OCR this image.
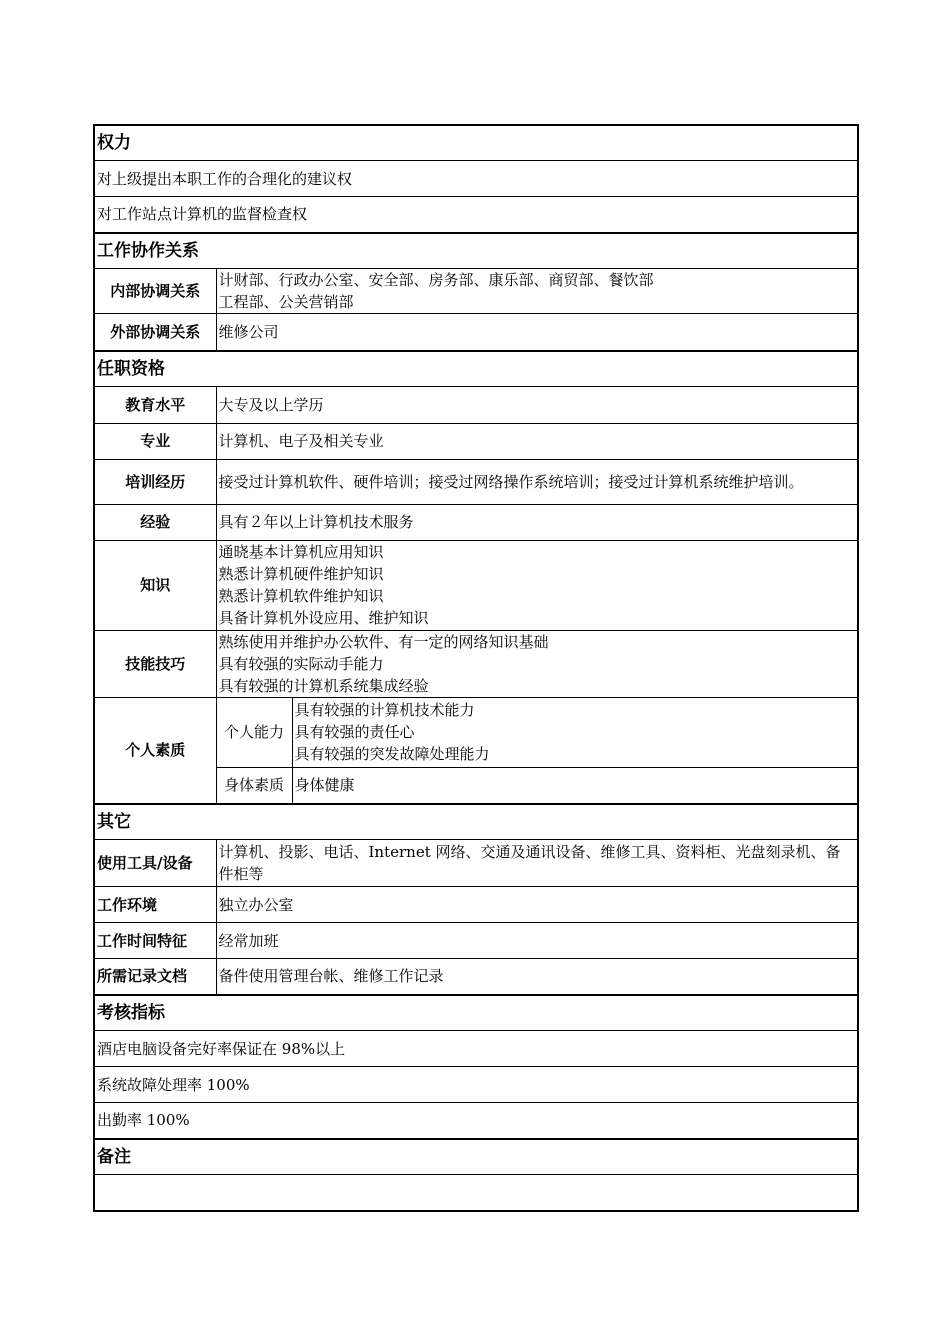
权力		
对上级提出本职工作的合理化的建议权		
对工作站点计算机的监督检查权		
工作协作关系		
内部协调关系	计财部、行政办公室、安全部、房务部、康乐部、商贸部、餐饮部
工程部、公关营销部	

外部协调关系	维修公司	
任职资格		
教育水平	大专及以上学历	
专业	计算机、电子及相关专业	
培训经历	接受过计算机软件、硬件培训；接受过网络操作系统培训；接受过计算机系统维护培训。	
经验	具有２年以上计算机技术服务	
知识	通晓基本计算机应用知识
熟悉计算机硬件维护知识
熟悉计算机软件维护知识
具备计算机外设应用、维护知识	

技能技巧	熟练使用并维护办公软件、有一定的网络知识基础
具有较强的实际动手能力
具有较强的计算机系统集成经验	

个人素质	个人能力	具有较强的计算机技术能力
具有较强的责任心
具有较强的突发故障处理能力

	身体素质	身体健康
其它		
使用工具/设备	计算机、投影、电话、Internet 网络、交通及通讯设备、维修工具、资料柜、光盘刻录机、备件柜等	
工作环境	独立办公室	
工作时间特征	经常加班	
所需记录文档	备件使用管理台帐、维修工作记录	
考核指标		
酒店电脑设备完好率保证在 98%以上		
系统故障处理率 100%		
出勤率 100%		
备注		
